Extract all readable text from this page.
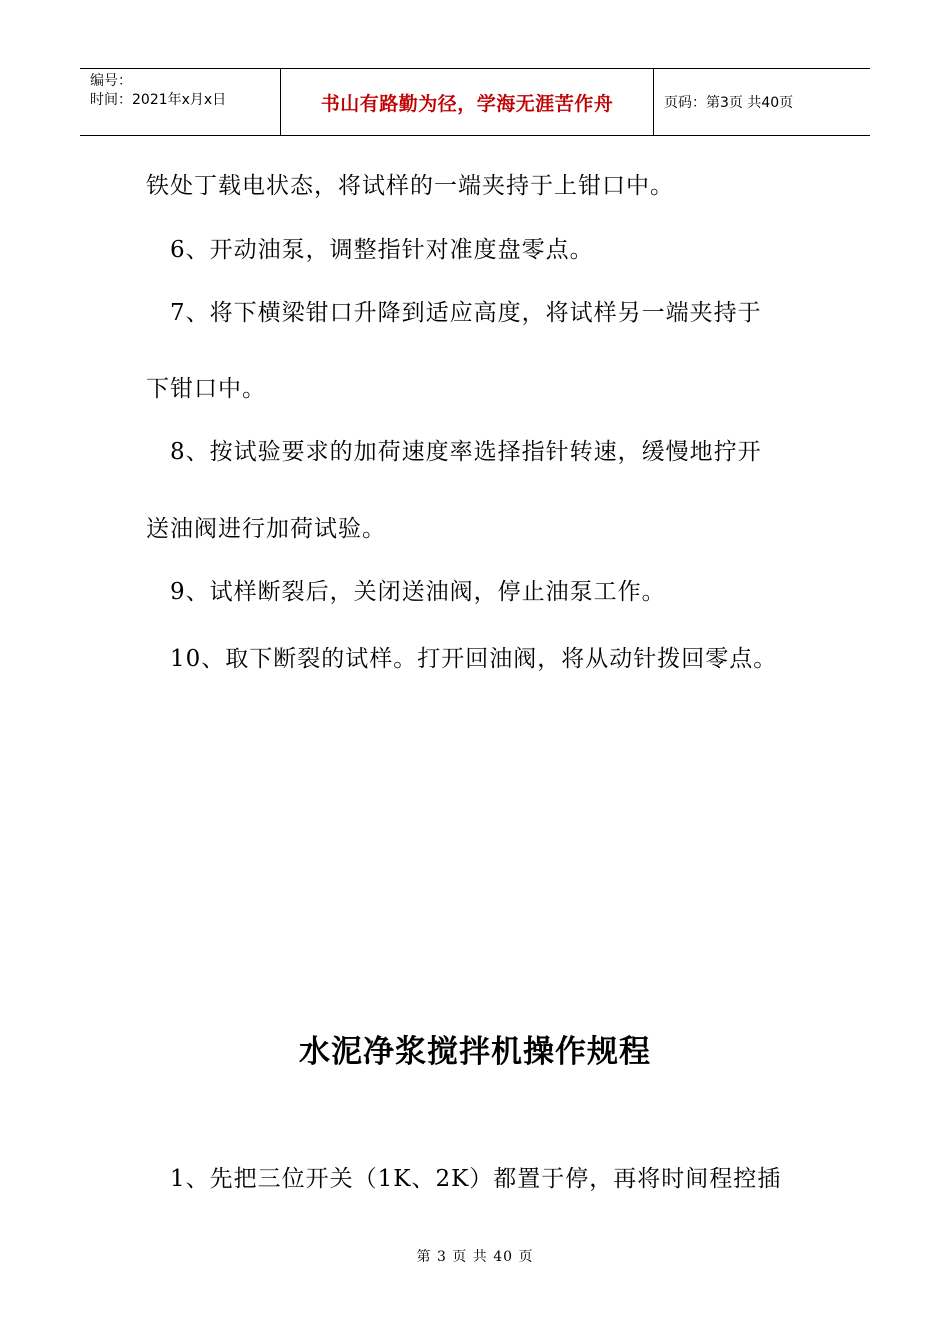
编号：
时间：2021年x月x日	书山有路勤为径，学海无涯苦作舟	页码：第3页 共40页
铁处丁载电状态，将试样的一端夹持于上钳口中。
6、开动油泵，调整指针对准度盘零点。
7、将下横梁钳口升降到适应高度，将试样另一端夹持于
下钳口中。
8、按试验要求的加荷速度率选择指针转速，缓慢地拧开
送油阀进行加荷试验。
9、试样断裂后，关闭送油阀，停止油泵工作。
10、取下断裂的试样。打开回油阀，将从动针拨回零点。
水泥净浆搅拌机操作规程
1、先把三位开关（1K、2K）都置于停，再将时间程控插
第 3 页 共 40 页
